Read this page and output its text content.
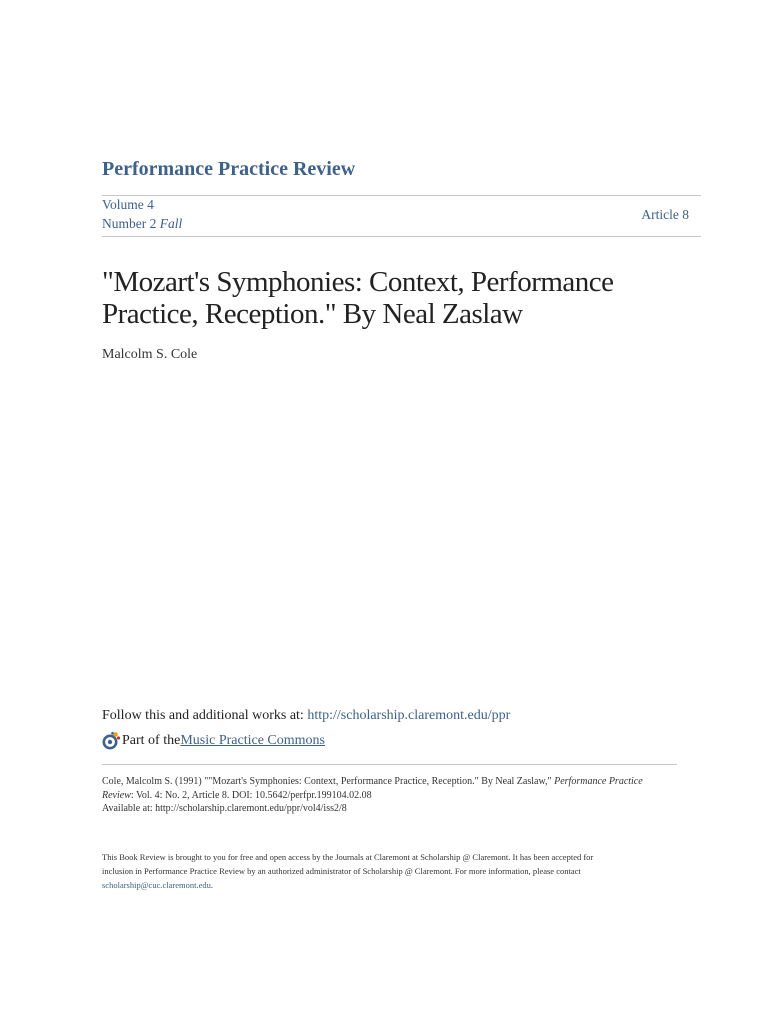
Performance Practice Review
Volume 4
Number 2 Fall
Article 8
"Mozart's Symphonies: Context, Performance Practice, Reception." By Neal Zaslaw
Malcolm S. Cole
Follow this and additional works at: http://scholarship.claremont.edu/ppr
Part of the Music Practice Commons
Cole, Malcolm S. (1991) ""Mozart's Symphonies: Context, Performance Practice, Reception." By Neal Zaslaw," Performance Practice
Review: Vol. 4: No. 2, Article 8. DOI: 10.5642/perfpr.199104.02.08
Available at: http://scholarship.claremont.edu/ppr/vol4/iss2/8
This Book Review is brought to you for free and open access by the Journals at Claremont at Scholarship @ Claremont. It has been accepted for
inclusion in Performance Practice Review by an authorized administrator of Scholarship @ Claremont. For more information, please contact
scholarship@cuc.claremont.edu.
